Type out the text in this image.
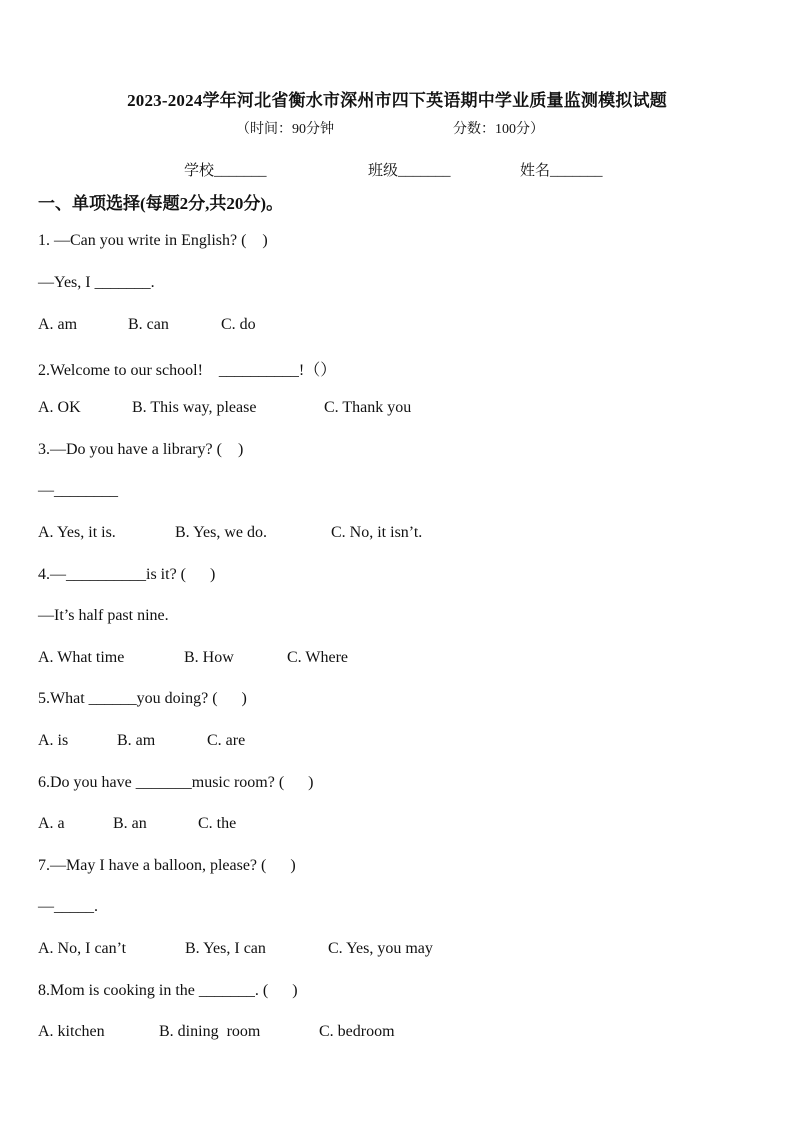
2023-2024学年河北省衡水市深州市四下英语期中学业质量监测模拟试题
（时间：90分钟	分数：100分）
学校_______	班级_______	姓名_______
一、单项选择(每题2分,共20分)。
1. —Can you write in English? (    )
—Yes, I _______.
A. am	B. can	C. do
2.Welcome to our school!    __________!（）
A. OK	B. This way, please	C. Thank you
3.—Do you have a library? (    )
—________
A. Yes, it is.	B. Yes, we do.	C. No, it isn’t.
4.—__________is it? (      )
—It’s half past nine.
A. What time	B. How	C. Where
5.What ______you doing? (      )
A. is	B. am	C. are
6.Do you have _______music room? (      )
A. a	B. an	C. the
7.—May I have a balloon, please? (      )
—_____.
A. No, I can’t	B. Yes, I can	C. Yes, you may
8.Mom is cooking in the _______. (      )
A. kitchen	B. dining  room	C. bedroom
